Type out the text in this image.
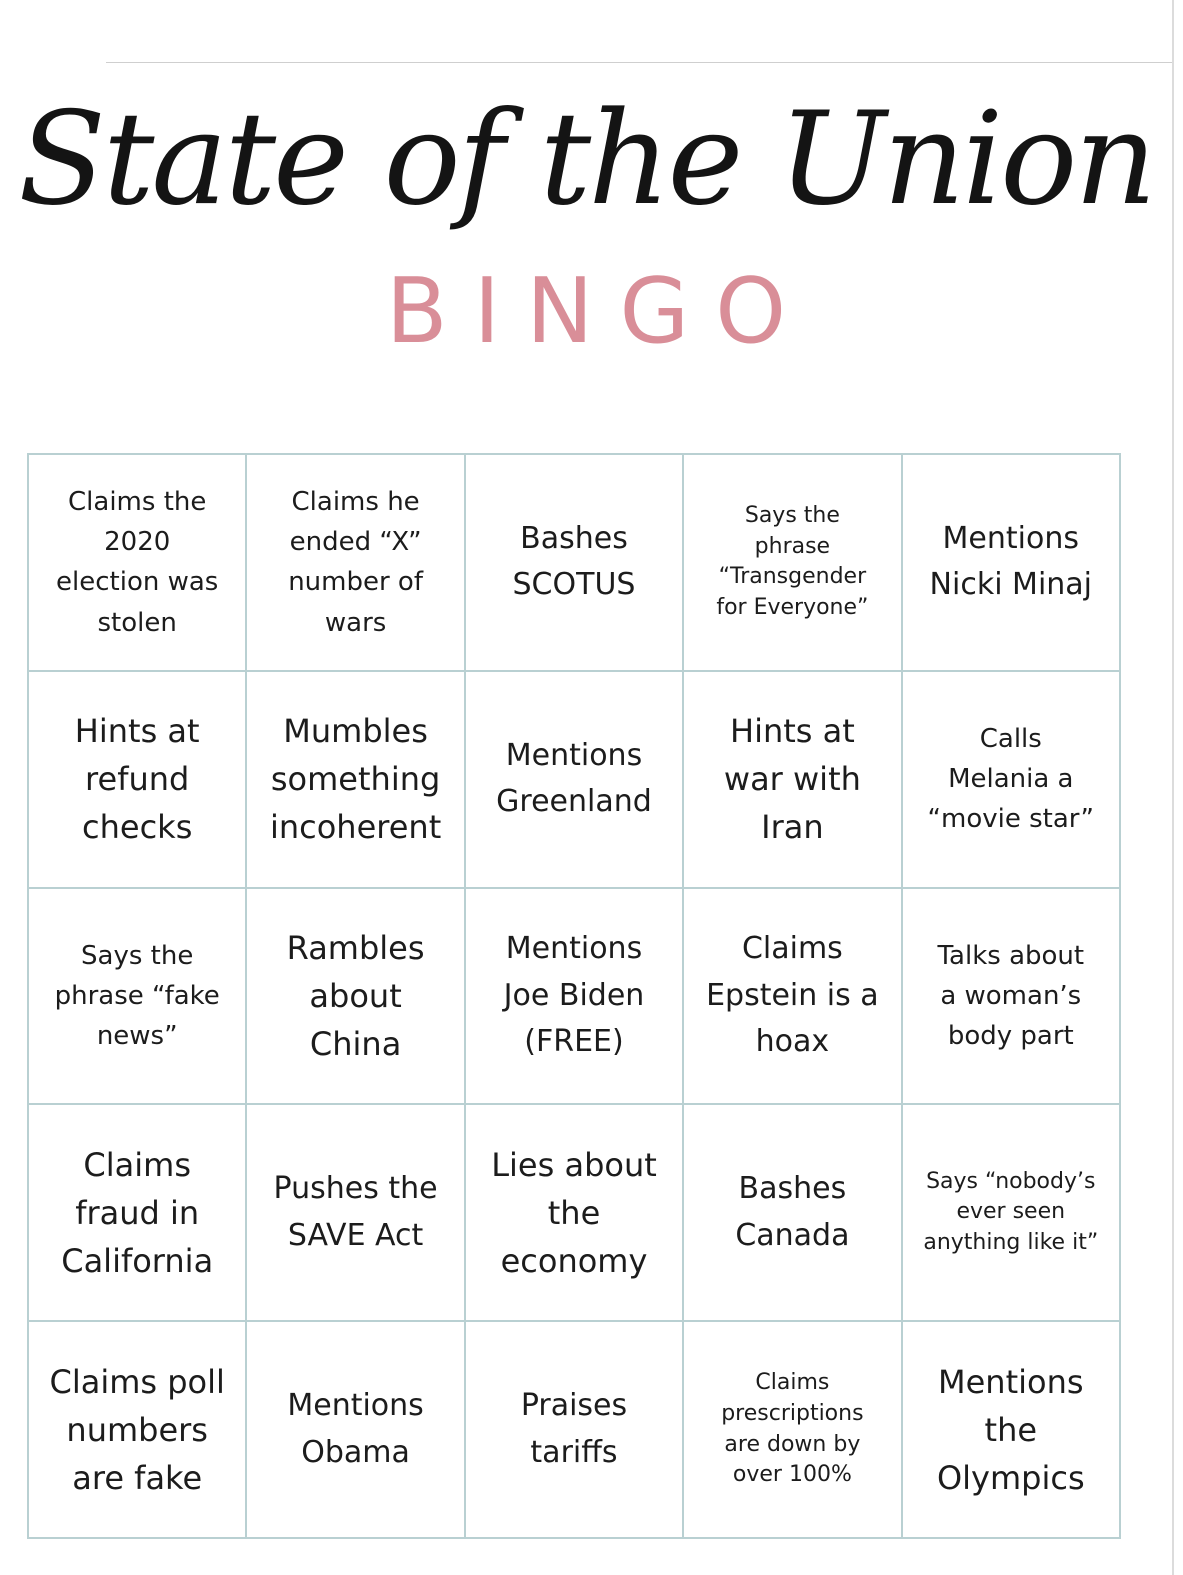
State of the Union
BINGO
Claims the
2020
election was
stolen
Claims he
ended “X”
number of
wars
Bashes
SCOTUS
Says the
phrase
“Transgender
for Everyone”
Mentions
Nicki Minaj
Hints at
refund
checks
Mumbles
something
incoherent
Mentions
Greenland
Hints at
war with
Iran
Calls
Melania a
“movie star”
Says the
phrase “fake
news”
Rambles
about
China
Mentions
Joe Biden
(FREE)
Claims
Epstein is a
hoax
Talks about
a woman’s
body part
Claims
fraud in
California
Pushes the
SAVE Act
Lies about
the
economy
Bashes
Canada
Says “nobody’s
ever seen
anything like it”
Claims poll
numbers
are fake
Mentions
Obama
Praises
tariffs
Claims
prescriptions
are down by
over 100%
Mentions
the
Olympics
